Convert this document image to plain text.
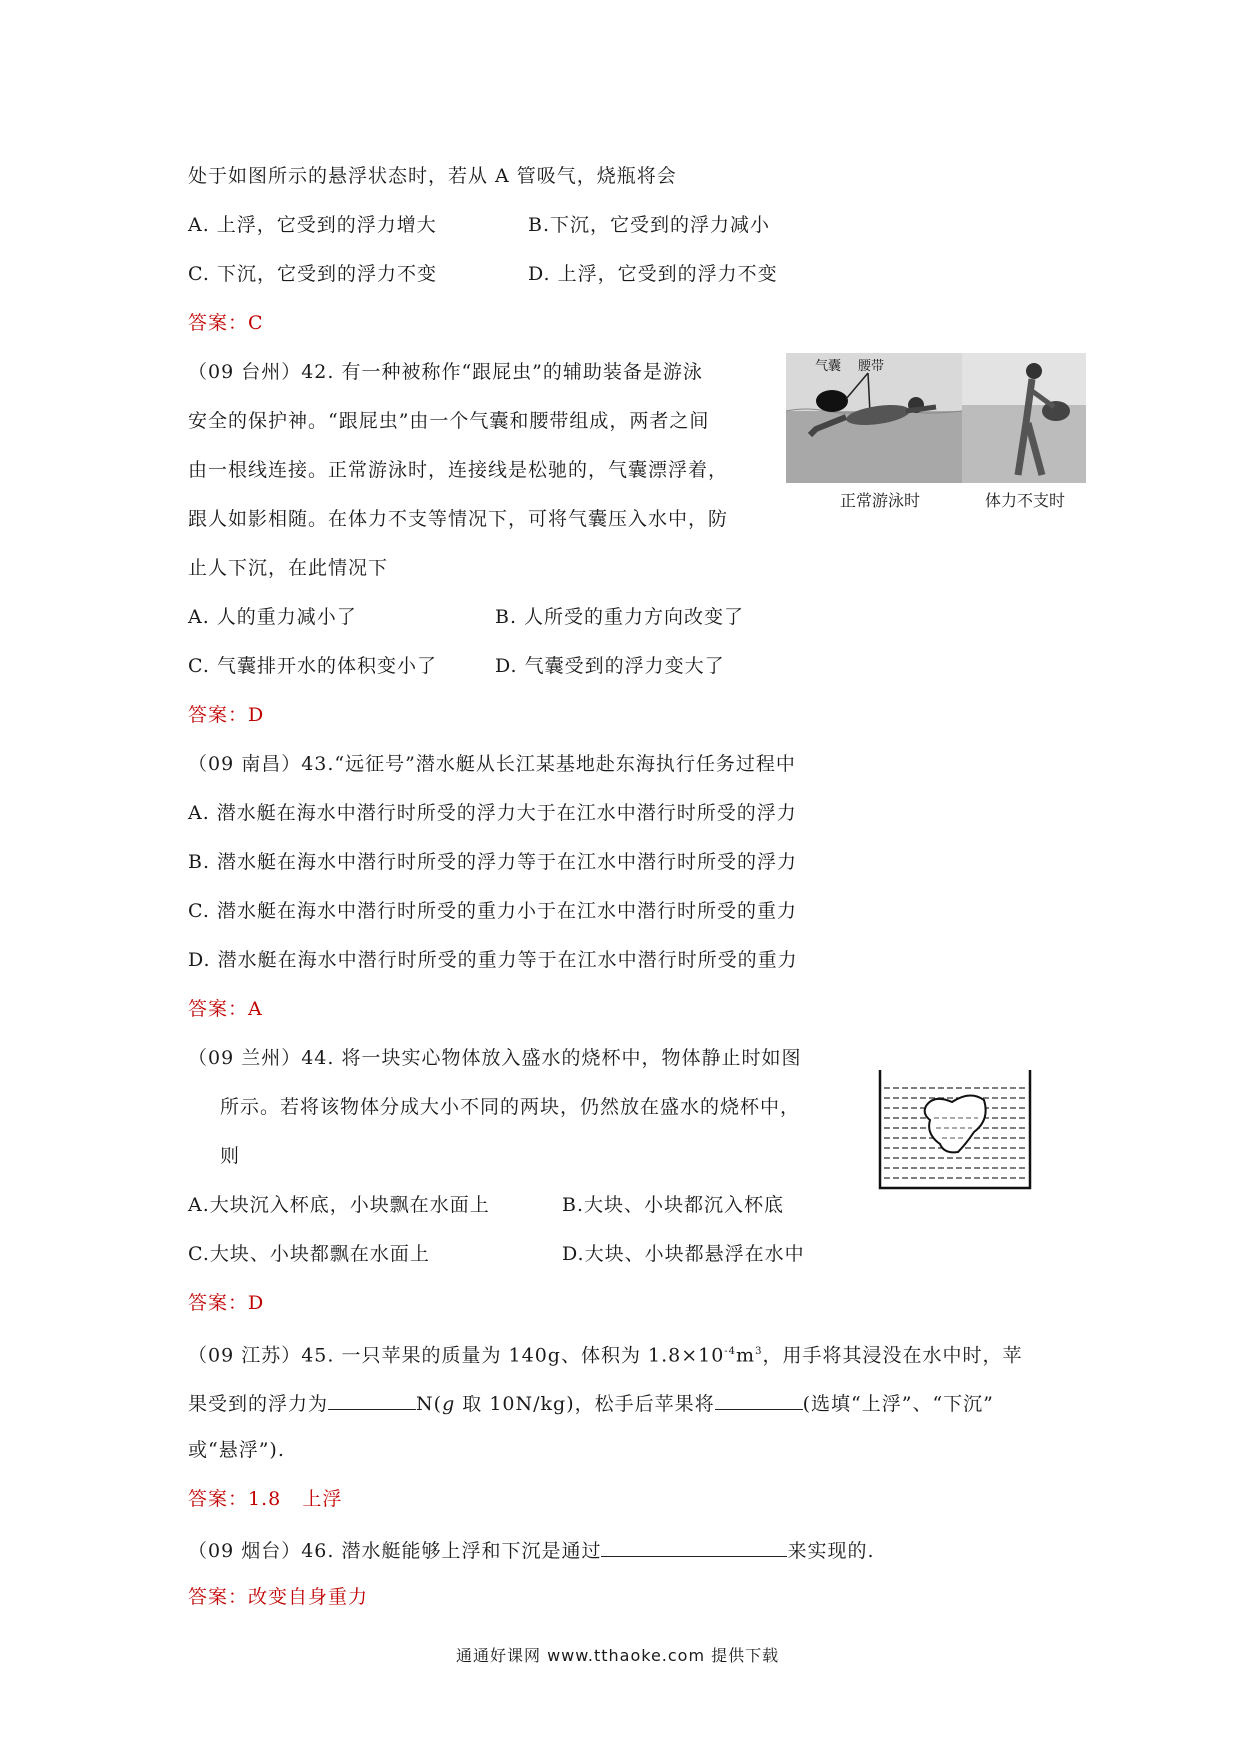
处于如图所示的悬浮状态时，若从 A 管吸气，烧瓶将会
A. 上浮，它受到的浮力增大	B.下沉，它受到的浮力减小
C. 下沉，它受到的浮力不变	D. 上浮，它受到的浮力不变
答案：C
（09 台州）42. 有一种被称作“跟屁虫”的辅助装备是游泳
安全的保护神。“跟屁虫”由一个气囊和腰带组成，两者之间
由一根线连接。正常游泳时，连接线是松驰的，气囊漂浮着，
跟人如影相随。在体力不支等情况下，可将气囊压入水中，防
止人下沉，在此情况下
气囊 腰带
正常游泳时	体力不支时
A. 人的重力减小了	B. 人所受的重力方向改变了
C. 气囊排开水的体积变小了	D. 气囊受到的浮力变大了
答案：D
（09 南昌）43.“远征号”潜水艇从长江某基地赴东海执行任务过程中
A. 潜水艇在海水中潜行时所受的浮力大于在江水中潜行时所受的浮力
B. 潜水艇在海水中潜行时所受的浮力等于在江水中潜行时所受的浮力
C. 潜水艇在海水中潜行时所受的重力小于在江水中潜行时所受的重力
D. 潜水艇在海水中潜行时所受的重力等于在江水中潜行时所受的重力
答案：A
（09 兰州）44. 将一块实心物体放入盛水的烧杯中，物体静止时如图
所示。若将该物体分成大小不同的两块，仍然放在盛水的烧杯中，
则
A.大块沉入杯底，小块飘在水面上	B.大块、小块都沉入杯底
C.大块、小块都飘在水面上	D.大块、小块都悬浮在水中
答案：D
（09 江苏）45. 一只苹果的质量为 140g、体积为 $1.8\times 10^{-4}m^3$，用手将其浸没在水中时，苹
果受到的浮力为	N(g 取 10N/kg)，松手后苹果将	(选填“上浮”、“下沉”
或“悬浮”).
答案：1.8   上浮
（09 烟台）46. 潜水艇能够上浮和下沉是通过	来实现的.
答案：改变自身重力
通通好课网 www.tthaoke.com 提供下载
